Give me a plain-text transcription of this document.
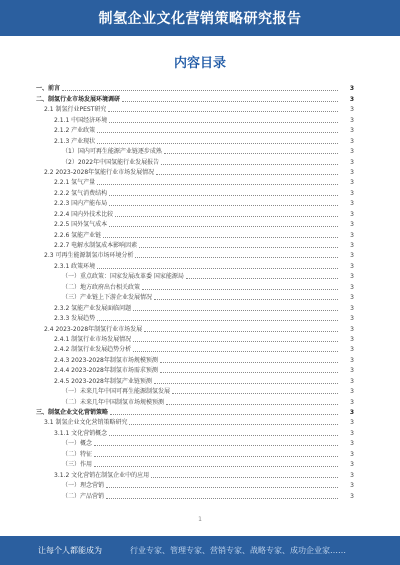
制氢企业文化营销策略研究报告
内容目录
一、前言	3
二、制氢行业市场发展环境调研	3
2.1 制氢行业PEST研究	3
2.1.1 中国经济环境	3
2.1.2 产业政策	3
2.1.3 产业现状	3
（1）国内可再生能源产业链逐步成熟	3
（2）2022年中国氢能行业发展报告	3
2.2 2023-2028年氢能行业市场发展情况	3
2.2.1 氢气产量	3
2.2.2 氢气消费结构	3
2.2.3 国内产能布局	3
2.2.4 国内外技术比较	3
2.2.5 国外氢气成本	3
2.2.6 氢能产业链	3
2.2.7 电解水制氢成本影响因素	3
2.3 可再生能源制氢市场环境分析	3
2.3.1 政策环境	3
（一）重点政策：国家发展改革委 国家能源局	3
（二）地方政府出台相关政策	3
（三）产业链上下游企业发展情况	3
2.3.2 氢能产业发展面临问题	3
2.3.3 发展趋势	3
2.4 2023-2028年制氢行业市场发展	3
2.4.1 制氢行业市场发展情况	3
2.4.2 制氢行业发展趋势分析	3
2.4.3 2023-2028年制氢市场规模预测	3
2.4.4 2023-2028年制氢市场需求预测	3
2.4.5 2023-2028年制氢产业链预测	3
（一）未来几年中国可再生能源制氢发展	3
（二）未来几年中国制氢市场规模预测	3
三、制氢企业文化营销策略	3
3.1 制氢企业文化营销策略研究	3
3.1.1 文化营销概念	3
（一）概念	3
（二）特征	3
（三）作用	3
3.1.2 文化营销在制氢企业中的应用	3
（一）理念营销	3
（二）产品营销	3
1
让每个人都能成为	行业专家、管理专家、营销专家、战略专家、成功企业家……
